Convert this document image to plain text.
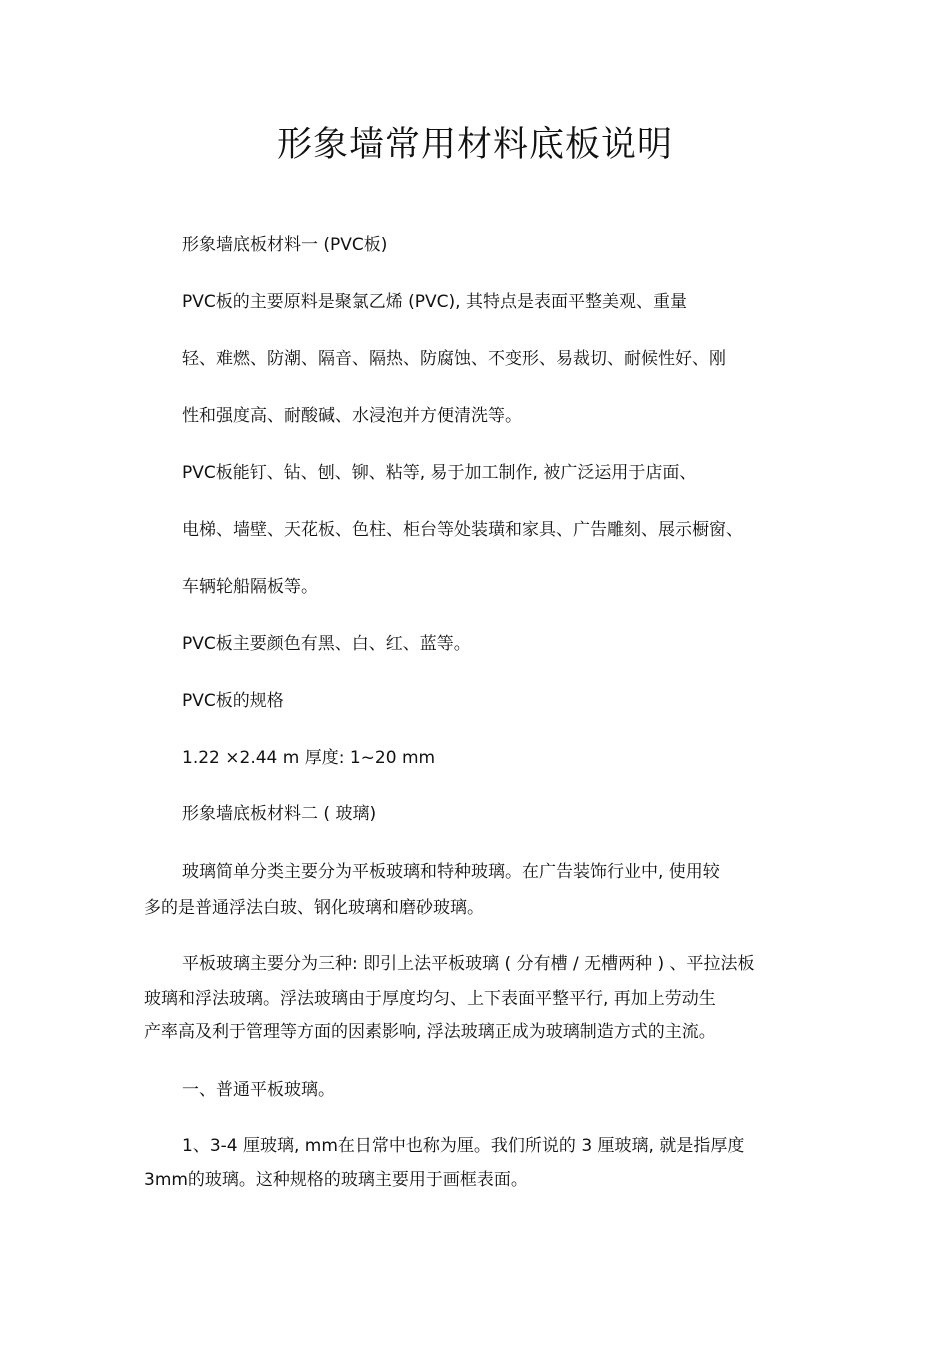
形象墙常用材料底板说明
形象墙底板材料一 (PVC板)
PVC板的主要原料是聚氯乙烯 (PVC), 其特点是表面平整美观、重量
轻、难燃、防潮、隔音、隔热、防腐蚀、不变形、易裁切、耐候性好、刚
性和强度高、耐酸碱、水浸泡并方便清洗等。
PVC板能钉、钻、刨、铆、粘等, 易于加工制作, 被广泛运用于店面、
电梯、墙壁、天花板、色柱、柜台等处装璜和家具、广告雕刻、展示橱窗、
车辆轮船隔板等。
PVC板主要颜色有黑、白、红、蓝等。
PVC板的规格
1.22 ×2.44 m 厚度: 1~20 mm
形象墙底板材料二 ( 玻璃)
玻璃简单分类主要分为平板玻璃和特种玻璃。在广告装饰行业中, 使用较
多的是普通浮法白玻、钢化玻璃和磨砂玻璃。
平板玻璃主要分为三种: 即引上法平板玻璃 ( 分有槽 / 无槽两种 ) 、平拉法板
玻璃和浮法玻璃。浮法玻璃由于厚度均匀、上下表面平整平行, 再加上劳动生
产率高及利于管理等方面的因素影响, 浮法玻璃正成为玻璃制造方式的主流。
一、普通平板玻璃。
1、3-4 厘玻璃, mm在日常中也称为厘。我们所说的 3 厘玻璃, 就是指厚度
3mm的玻璃。这种规格的玻璃主要用于画框表面。
